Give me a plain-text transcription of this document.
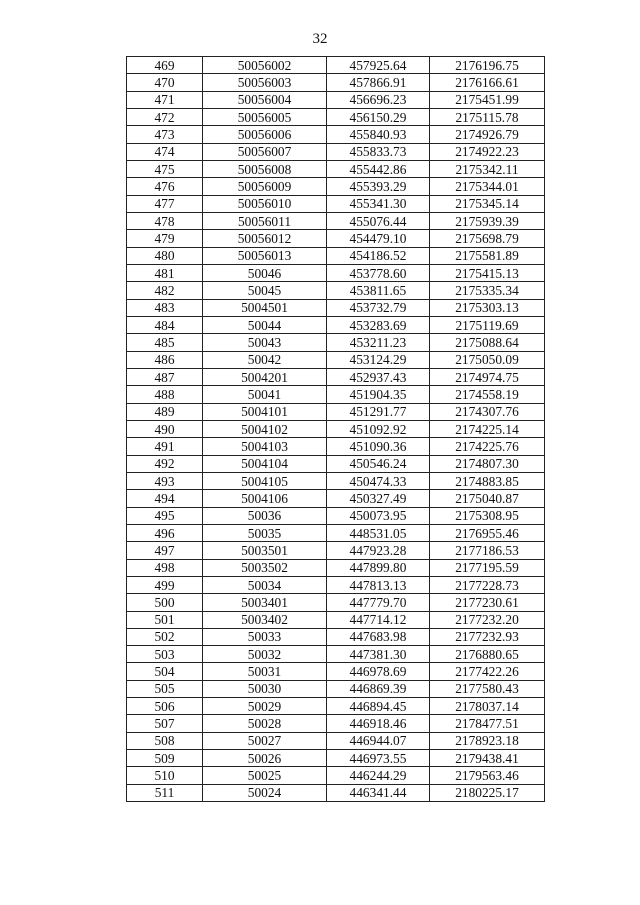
32
469	50056002	457925.64	2176196.75
470	50056003	457866.91	2176166.61
471	50056004	456696.23	2175451.99
472	50056005	456150.29	2175115.78
473	50056006	455840.93	2174926.79
474	50056007	455833.73	2174922.23
475	50056008	455442.86	2175342.11
476	50056009	455393.29	2175344.01
477	50056010	455341.30	2175345.14
478	50056011	455076.44	2175939.39
479	50056012	454479.10	2175698.79
480	50056013	454186.52	2175581.89
481	50046	453778.60	2175415.13
482	50045	453811.65	2175335.34
483	5004501	453732.79	2175303.13
484	50044	453283.69	2175119.69
485	50043	453211.23	2175088.64
486	50042	453124.29	2175050.09
487	5004201	452937.43	2174974.75
488	50041	451904.35	2174558.19
489	5004101	451291.77	2174307.76
490	5004102	451092.92	2174225.14
491	5004103	451090.36	2174225.76
492	5004104	450546.24	2174807.30
493	5004105	450474.33	2174883.85
494	5004106	450327.49	2175040.87
495	50036	450073.95	2175308.95
496	50035	448531.05	2176955.46
497	5003501	447923.28	2177186.53
498	5003502	447899.80	2177195.59
499	50034	447813.13	2177228.73
500	5003401	447779.70	2177230.61
501	5003402	447714.12	2177232.20
502	50033	447683.98	2177232.93
503	50032	447381.30	2176880.65
504	50031	446978.69	2177422.26
505	50030	446869.39	2177580.43
506	50029	446894.45	2178037.14
507	50028	446918.46	2178477.51
508	50027	446944.07	2178923.18
509	50026	446973.55	2179438.41
510	50025	446244.29	2179563.46
511	50024	446341.44	2180225.17
